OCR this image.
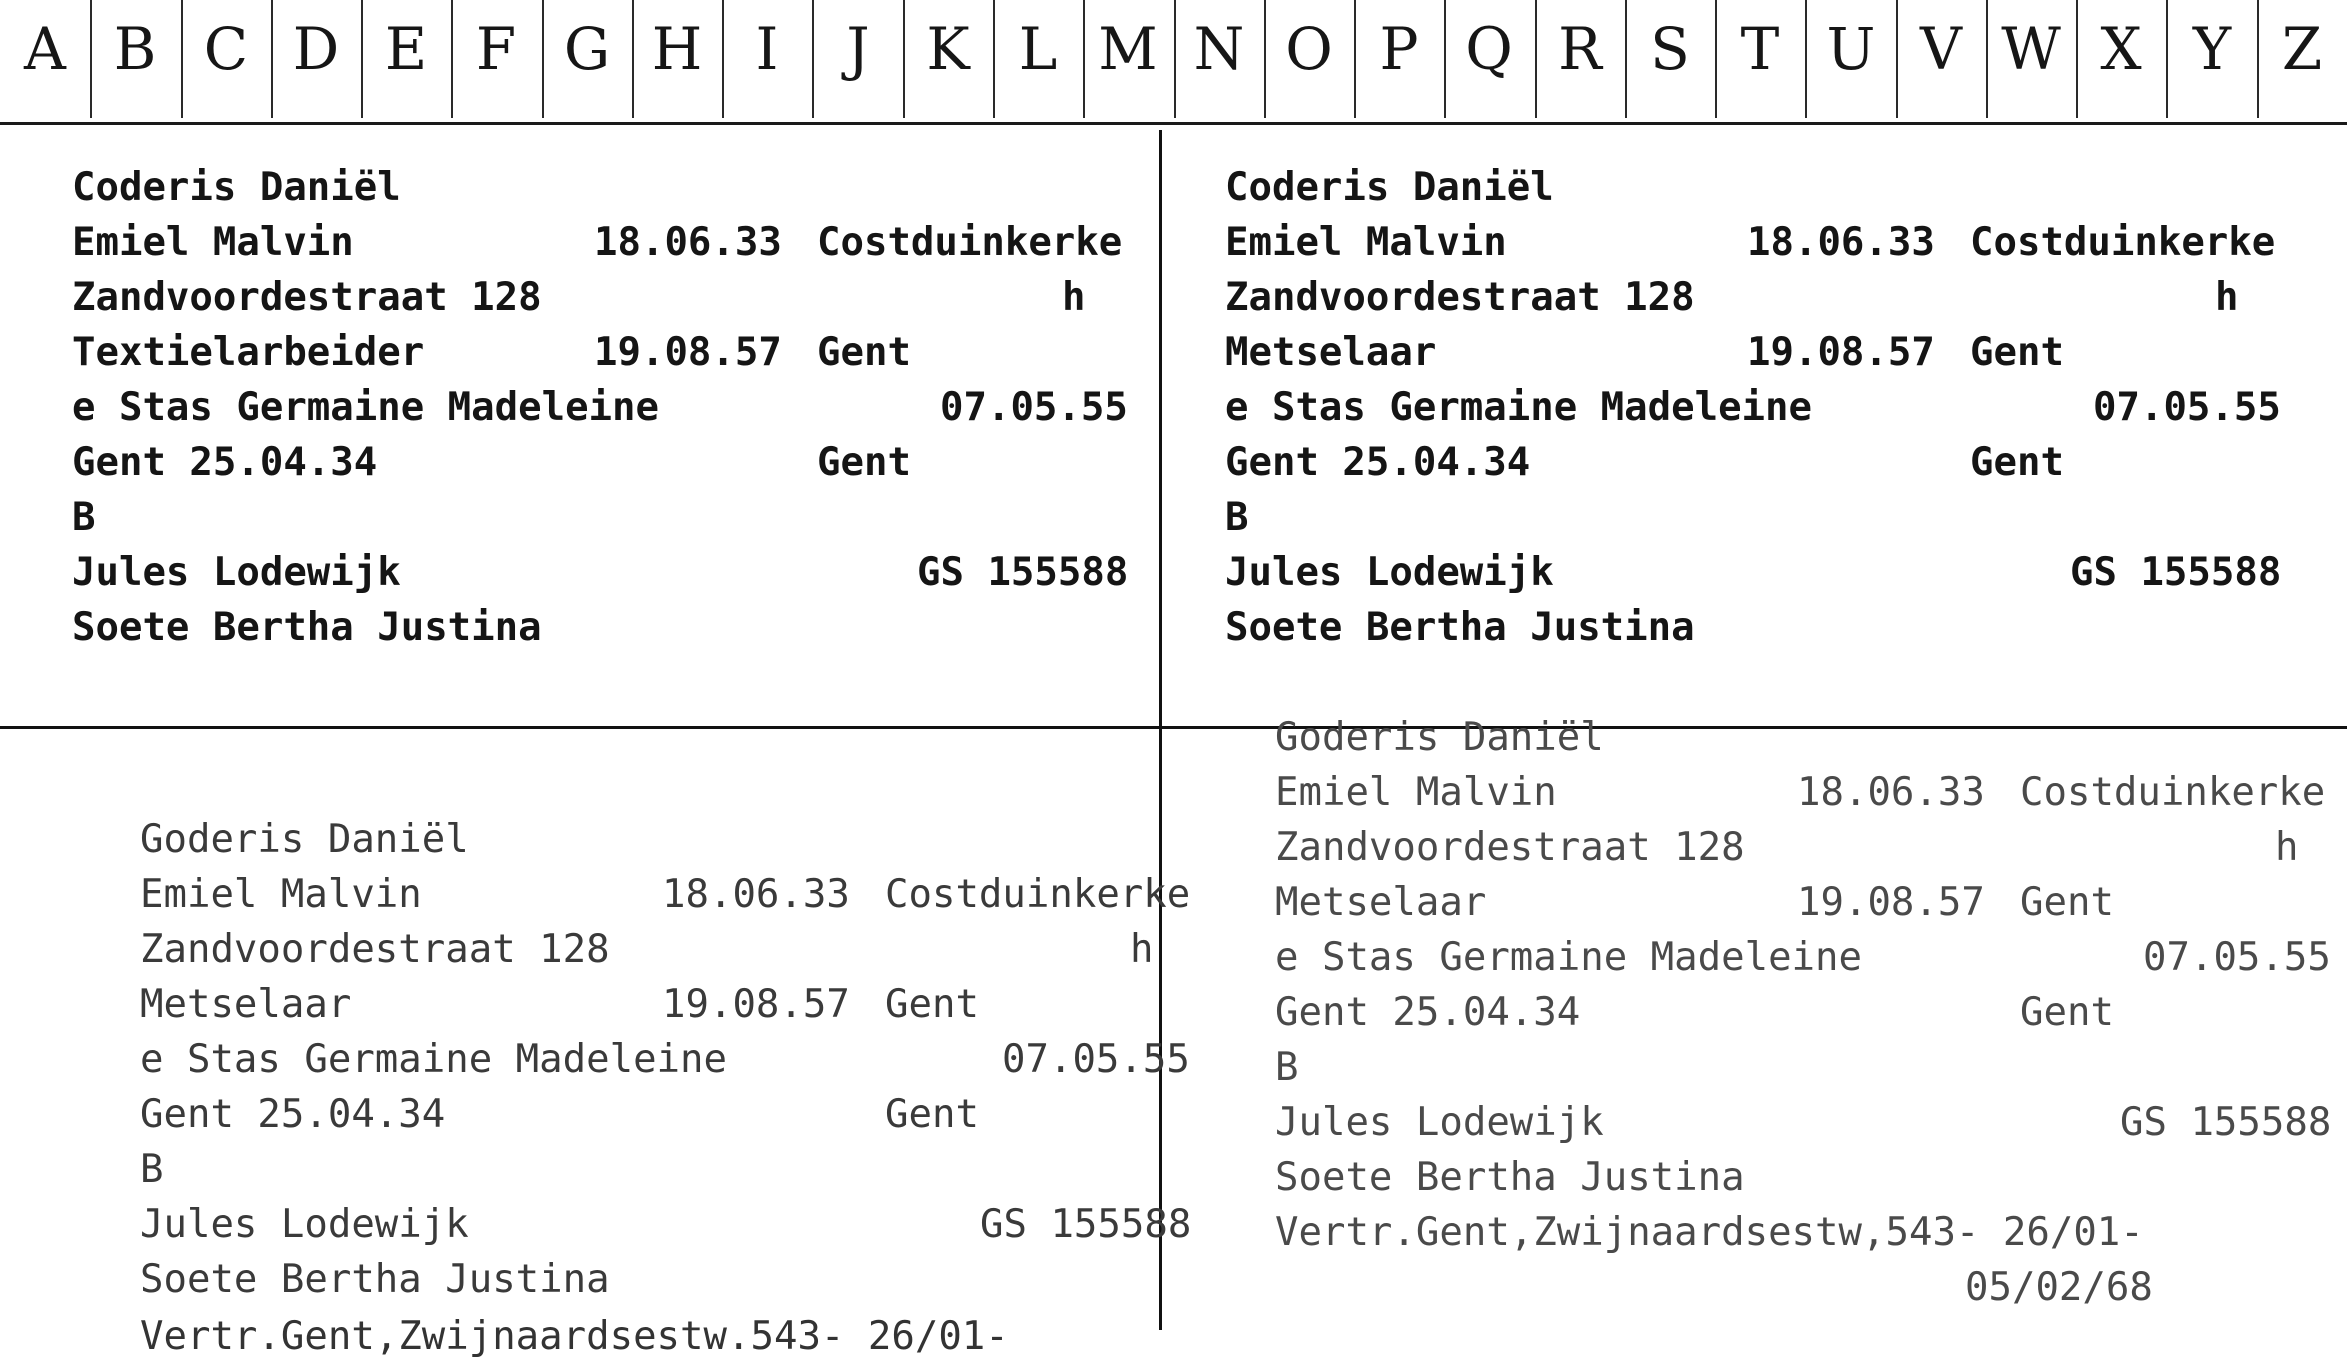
A B C D E F G H I	J K L M N O P Q R S T U V W X Y Z
Coderis Daniël
Emiel Malvin	18.06.33 Costduinkerke
Zandvoordestraat 128	h
Textielarbeider	19.08.57 Gent
e Stas Germaine Madeleine	07.05.55
Gent 25.04.34	Gent
B
Jules Lodewijk	GS 155588
Soete Bertha Justina
Coderis Daniël
Emiel Malvin	18.06.33 Costduinkerke
Zandvoordestraat 128	h
Metselaar	19.08.57 Gent
e Stas Germaine Madeleine	07.05.55
Gent 25.04.34	Gent
B
Jules Lodewijk	GS 155588
Soete Bertha Justina
Goderis Daniël
Emiel Malvin	18.06.33 Costduinkerke
Zandvoordestraat 128	h
Metselaar	19.08.57 Gent
e Stas Germaine Madeleine	07.05.55
Gent 25.04.34	Gent
B
Jules Lodewijk	GS 155588
Soete Bertha Justina
Vertr.Gent,Zwijnaardsestw.543- 26/01-
Goderis Daniël
Emiel Malvin	18.06.33 Costduinkerke
Zandvoordestraat 128	h
Metselaar	19.08.57 Gent
e Stas Germaine Madeleine	07.05.55
Gent 25.04.34	Gent
B
Jules Lodewijk	GS 155588
Soete Bertha Justina
Vertr.Gent,Zwijnaardsestw,543- 26/01-
05/02/68
